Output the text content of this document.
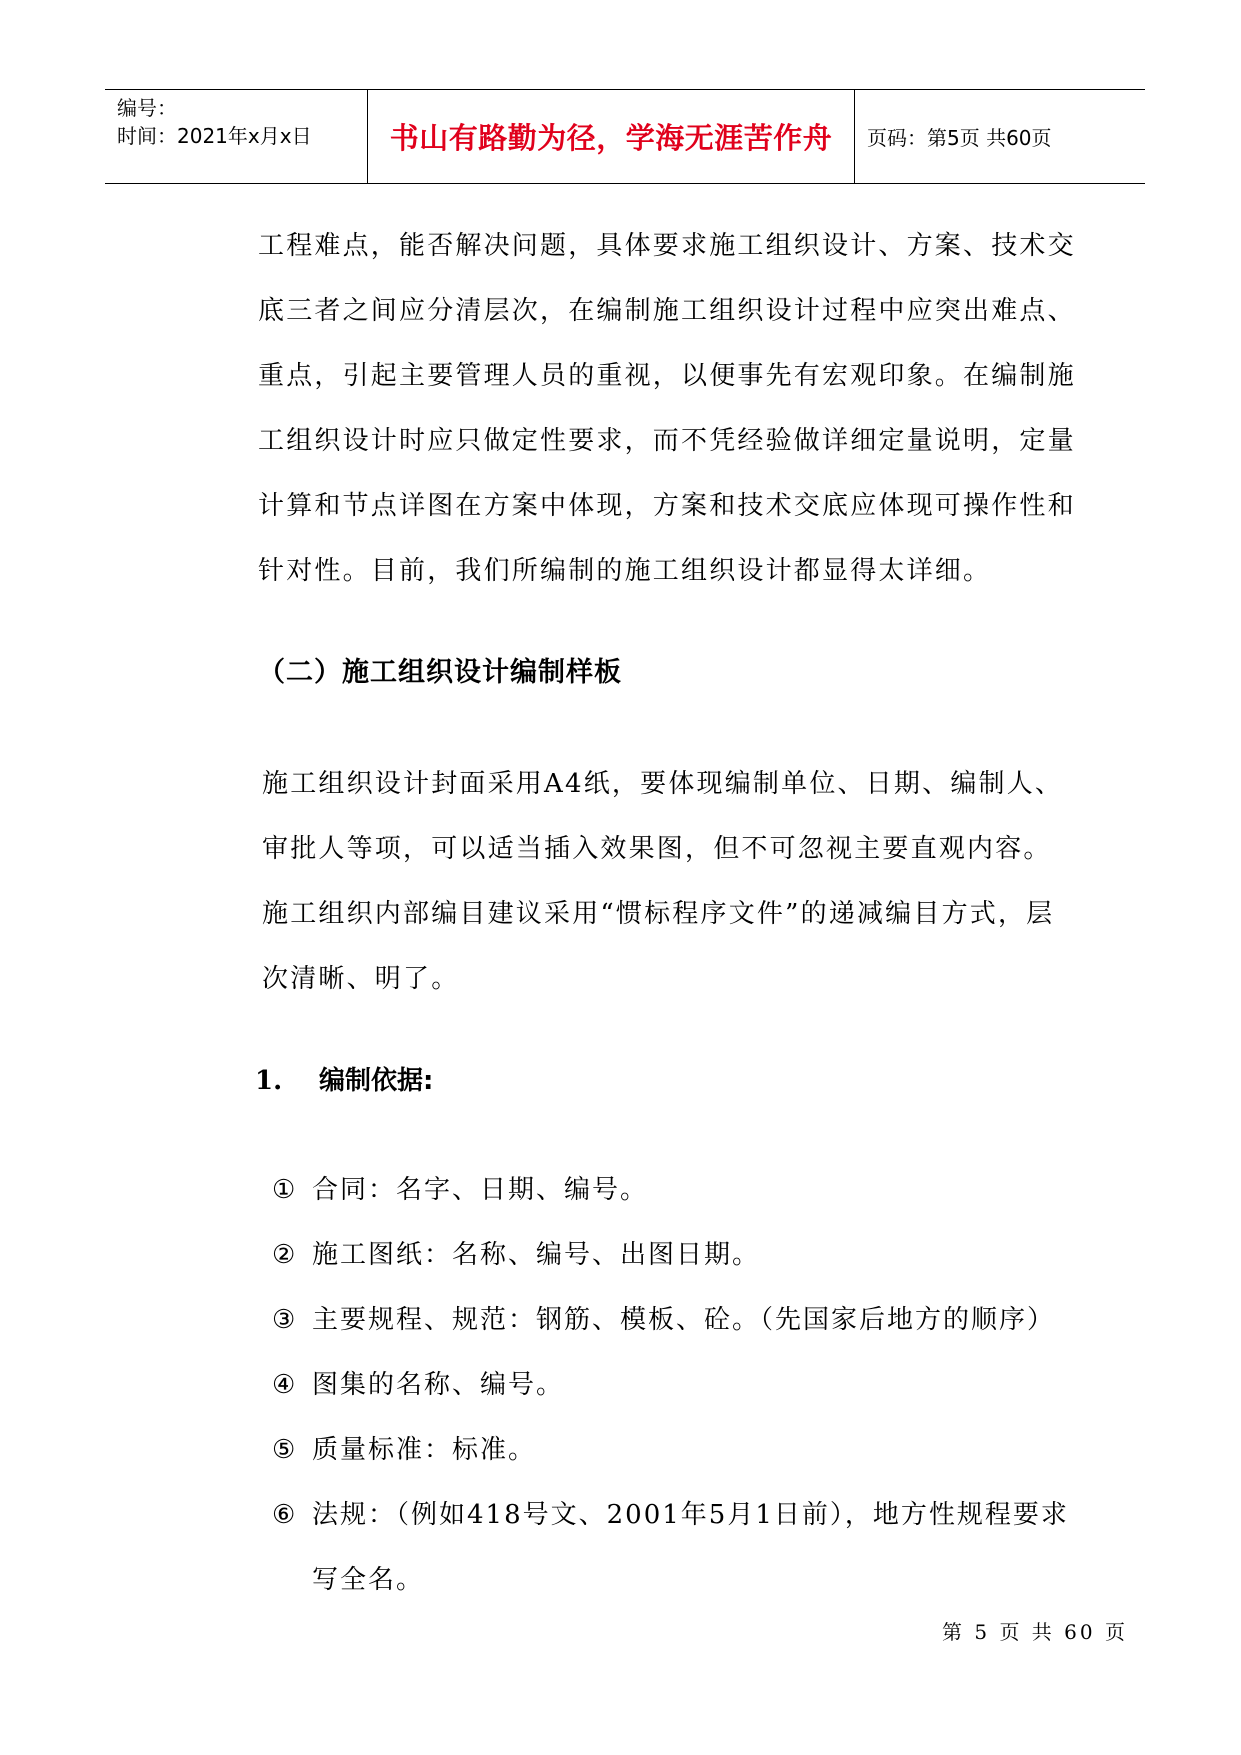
编号：
时间：2021年x月x日	书山有路勤为径，学海无涯苦作舟	页码：第5页 共60页

工程难点，能否解决问题，具体要求施工组织设计、方案、技术交

底三者之间应分清层次，在编制施工组织设计过程中应突出难点、

重点，引起主要管理人员的重视，以便事先有宏观印象。在编制施

工组织设计时应只做定性要求，而不凭经验做详细定量说明，定量

计算和节点详图在方案中体现，方案和技术交底应体现可操作性和

针对性。目前，我们所编制的施工组织设计都显得太详细。

（二）施工组织设计编制样板

施工组织设计封面采用A4纸，要体现编制单位、日期、编制人、

审批人等项，可以适当插入效果图，但不可忽视主要直观内容。

施工组织内部编目建议采用“惯标程序文件”的递减编目方式，层

次清晰、明了。

1. 编制依据:
① 合同：名字、日期、编号。
② 施工图纸：名称、编号、出图日期。
③ 主要规程、规范：钢筋、模板、砼。（先国家后地方的顺序）
④ 图集的名称、编号。
⑤ 质量标准：标准。
⑥ 法规：（例如418号文、2001年5月1日前），地方性规程要求
写全名。
第 5 页 共 60 页
